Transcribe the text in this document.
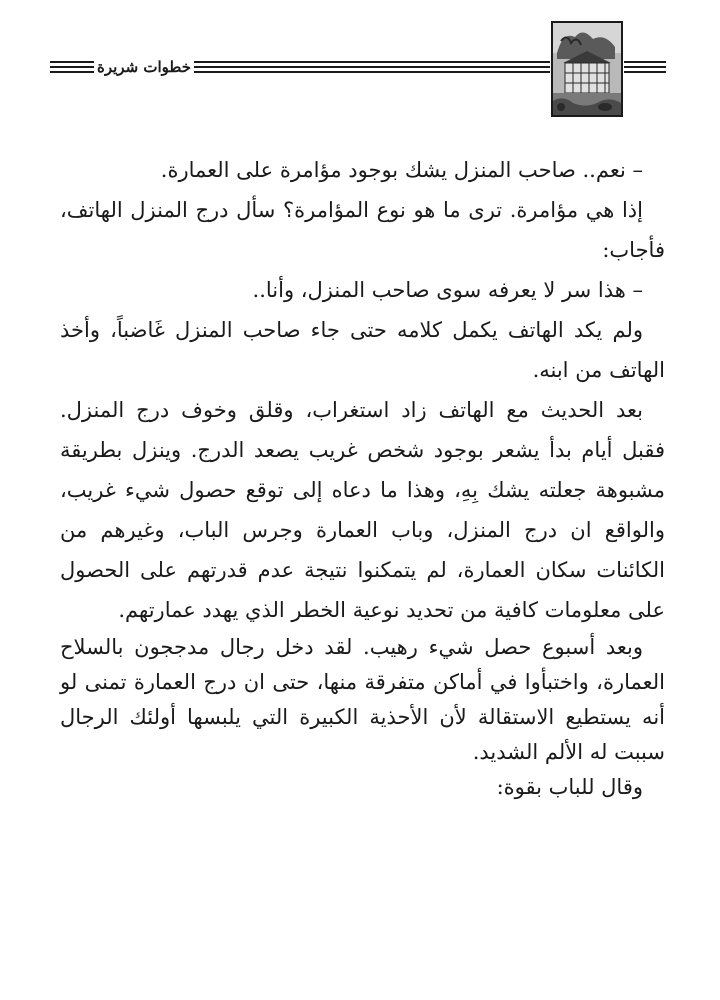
خطوات شريرة

– نعم.. صاحب المنزل يشك بوجود مؤامرة على العمارة.

إذا هي مؤامرة. ترى ما هو نوع المؤامرة؟ سأل درج المنزل الهاتف، فأجاب:

– هذا سر لا يعرفه سوى صاحب المنزل، وأنا..

ولم يكد الهاتف يكمل كلامه حتى جاء صاحب المنزل غَاضباً، وأخذ الهاتف من ابنه.

بعد الحديث مع الهاتف زاد استغراب، وقلق وخوف درج المنزل. فقبل أيام بدأ يشعر بوجود شخص غريب يصعد الدرج. وينزل بطريقة مشبوهة جعلته يشك بِهِ، وهذا ما دعاه إلى توقع حصول شيء غريب، والواقع ان درج المنزل، وباب العمارة وجرس الباب، وغيرهم من الكائنات سكان العمارة، لم يتمكنوا نتيجة عدم قدرتهم على الحصول على معلومات كافية من تحديد نوعية الخطر الذي يهدد عمارتهم.

وبعد أسبوع حصل شيء رهيب. لقد دخل رجال مدججون بالسلاح العمارة، واختبأوا في أماكن متفرقة منها، حتى ان درج العمارة تمنى لو أنه يستطيع الاستقالة لأن الأحذية الكبيرة التي يلبسها أولئك الرجال سببت له الألم الشديد.

وقال للباب بقوة:
